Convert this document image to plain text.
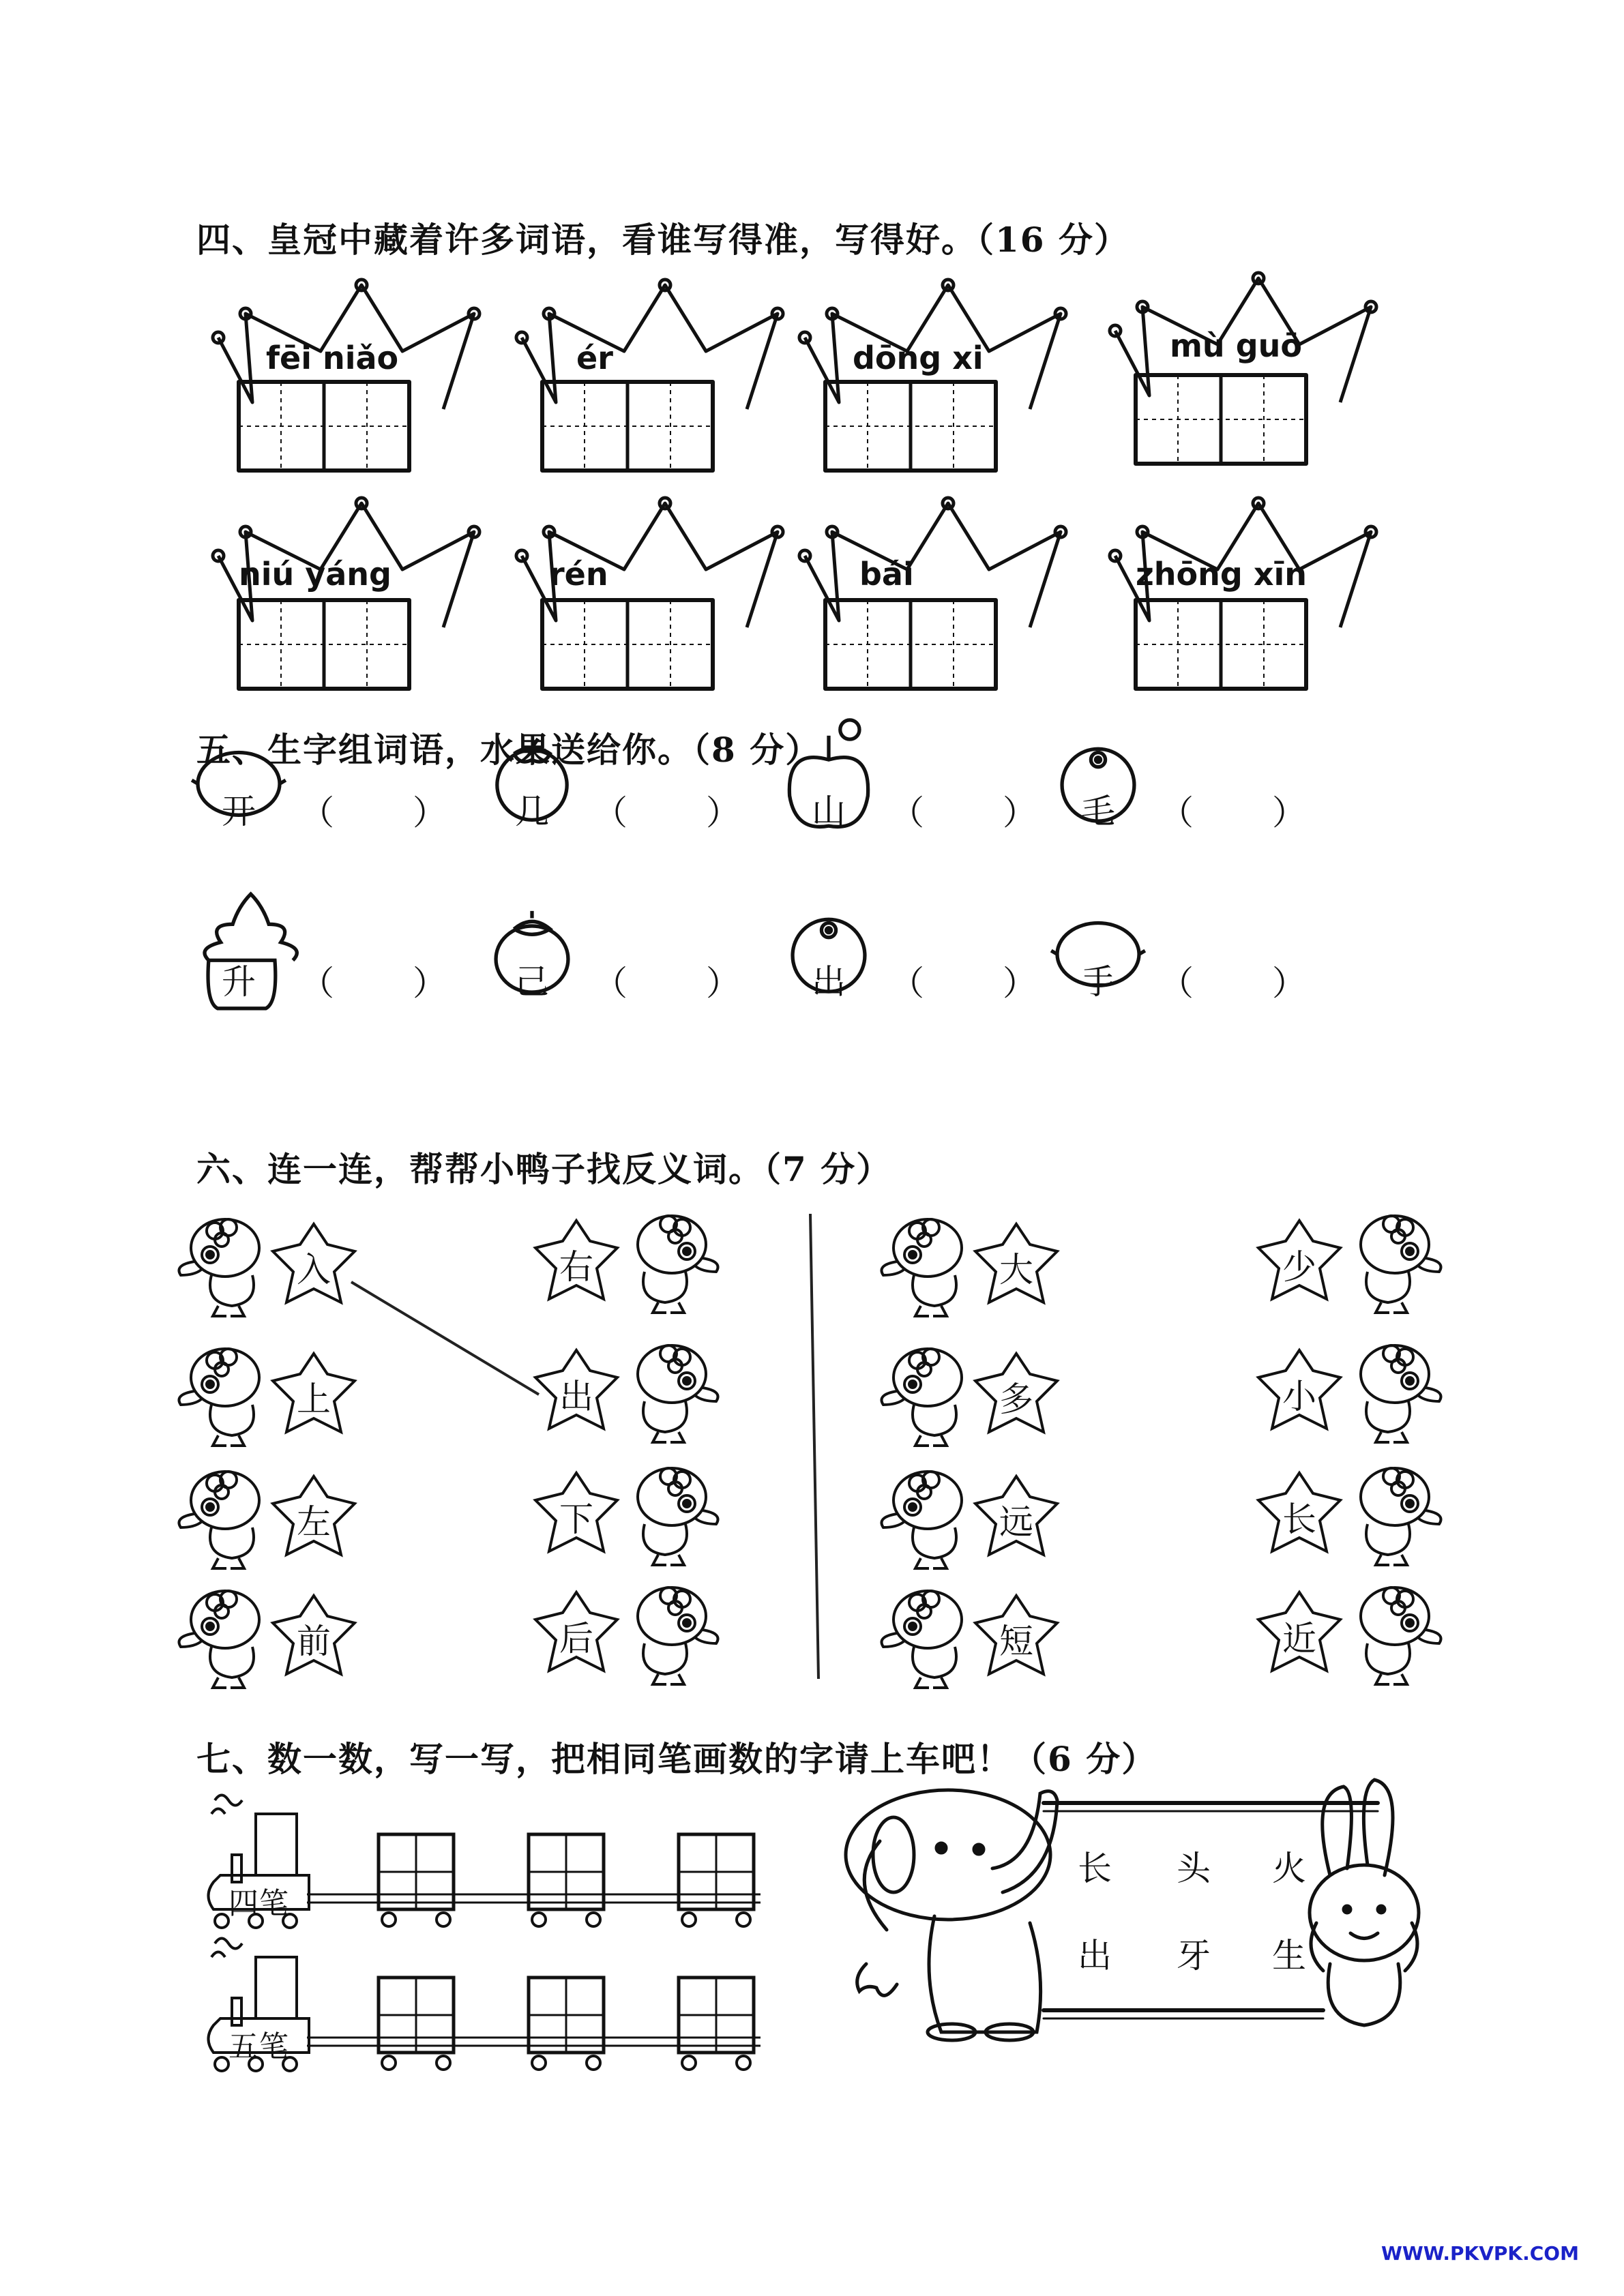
四、皇冠中藏着许多词语，看谁写得准，写得好。（16 分）
fēi niǎo	ér	dōng xi	mù guō
niú yáng	rén	bái	zhōng xīn
五、生字组词语，水果送给你。（8 分）
开	（ ）	几	（ ）	山	（ ）	毛	（ ）
升	（ ）	己	（ ）	出	（ ）	手	（ ）
六、连一连，帮帮小鸭子找反义词。（7 分）
入
上
左
前
右
出
下
后
大
多
远
短
少
小
长
近
七、数一数，写一写，把相同笔画数的字请上车吧！（6 分）
四笔
五笔
长	头	火
出	牙	生
WWW.PKVPK.COM
